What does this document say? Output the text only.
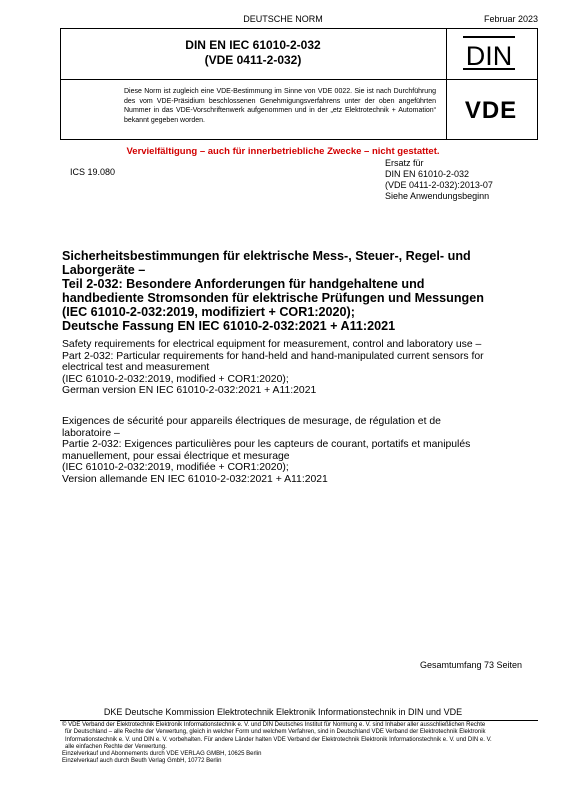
DEUTSCHE NORM	Februar 2023
DIN EN IEC 61010-2-032
(VDE 0411-2-032)	DIN
Diese Norm ist zugleich eine VDE-Bestimmung im Sinne von VDE 0022. Sie ist nach Durchführung des vom VDE-Präsidium beschlossenen Genehmigungsverfahrens unter der oben angeführten Nummer in das VDE-Vorschriftenwerk aufgenommen und in der „etz Elektrotechnik + Automation“ bekannt gegeben worden.	VDE
Vervielfältigung – auch für innerbetriebliche Zwecke – nicht gestattet.
ICS 19.080
Ersatz für
DIN EN 61010-2-032
(VDE 0411-2-032):2013-07
Siehe Anwendungsbeginn
Sicherheitsbestimmungen für elektrische Mess-, Steuer-, Regel- und
Laborgeräte –
Teil 2-032: Besondere Anforderungen für handgehaltene und
handbediente Stromsonden für elektrische Prüfungen und Messungen
(IEC 61010-2-032:2019, modifiziert + COR1:2020);
Deutsche Fassung EN IEC 61010-2-032:2021 + A11:2021
Safety requirements for electrical equipment for measurement, control and laboratory use –
Part 2-032: Particular requirements for hand-held and hand-manipulated current sensors for
electrical test and measurement
(IEC 61010-2-032:2019, modified + COR1:2020);
German version EN IEC 61010-2-032:2021 + A11:2021
Exigences de sécurité pour appareils électriques de mesurage, de régulation et de
laboratoire –
Partie 2-032: Exigences particulières pour les capteurs de courant, portatifs et manipulés
manuellement, pour essai électrique et mesurage
(IEC 61010-2-032:2019, modifiée + COR1:2020);
Version allemande EN IEC 61010-2-032:2021 + A11:2021
Gesamtumfang 73 Seiten
DKE Deutsche Kommission Elektrotechnik Elektronik Informationstechnik in DIN und VDE

© VDE Verband der Elektrotechnik Elektronik Informationstechnik e. V. und DIN Deutsches Institut für Normung e. V. sind Inhaber aller ausschließlichen Rechte

für Deutschland – alle Rechte der Verwertung, gleich in welcher Form und welchem Verfahren, sind in Deutschland VDE Verband der Elektrotechnik Elektronik

Informationstechnik e. V. und DIN e. V. vorbehalten. Für andere Länder halten VDE Verband der Elektrotechnik Elektronik Informationstechnik e. V. und DIN e. V.

alle einfachen Rechte der Verwertung.

Einzelverkauf und Abonnements durch VDE VERLAG GMBH, 10625 Berlin

Einzelverkauf auch durch Beuth Verlag GmbH, 10772 Berlin
